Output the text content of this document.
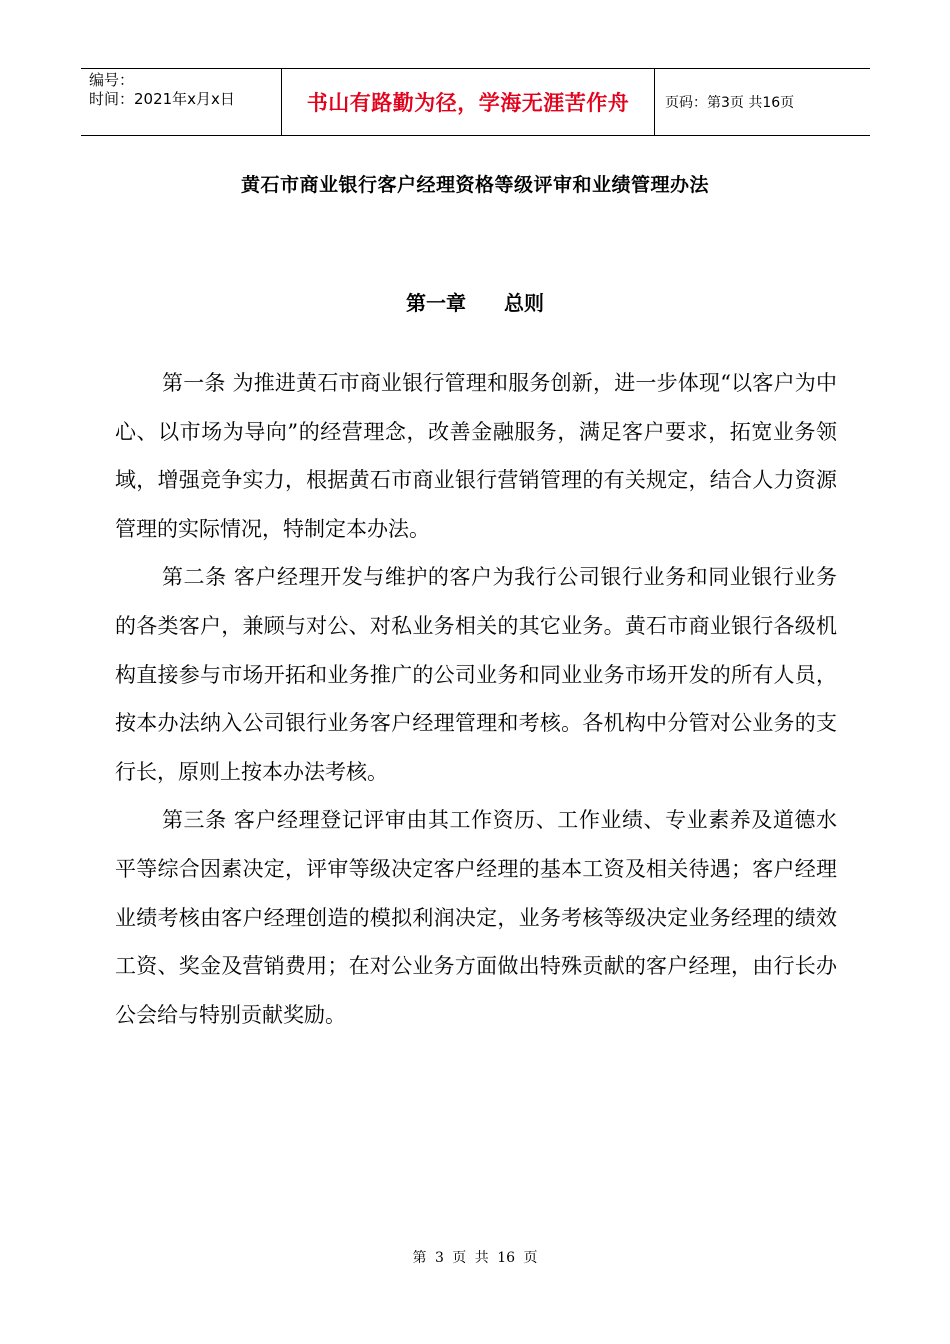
编号：
时间：2021年x月x日	书山有路勤为径，学海无涯苦作舟	页码：第3页 共16页
黄石市商业银行客户经理资格等级评审和业绩管理办法
第一章 总则

第一条 为推进黄石市商业银行管理和服务创新，进一步体现“以客户为中心、以市场为导向”的经营理念，改善金融服务，满足客户要求，拓宽业务领域，增强竞争实力，根据黄石市商业银行营销管理的有关规定，结合人力资源管理的实际情况，特制定本办法。

第二条 客户经理开发与维护的客户为我行公司银行业务和同业银行业务的各类客户，兼顾与对公、对私业务相关的其它业务。黄石市商业银行各级机构直接参与市场开拓和业务推广的公司业务和同业业务市场开发的所有人员，按本办法纳入公司银行业务客户经理管理和考核。各机构中分管对公业务的支行长，原则上按本办法考核。

第三条 客户经理登记评审由其工作资历、工作业绩、专业素养及道德水平等综合因素决定，评审等级决定客户经理的基本工资及相关待遇；客户经理业绩考核由客户经理创造的模拟利润决定，业务考核等级决定业务经理的绩效工资、奖金及营销费用；在对公业务方面做出特殊贡献的客户经理，由行长办公会给与特别贡献奖励。

第 3 页 共 16 页
